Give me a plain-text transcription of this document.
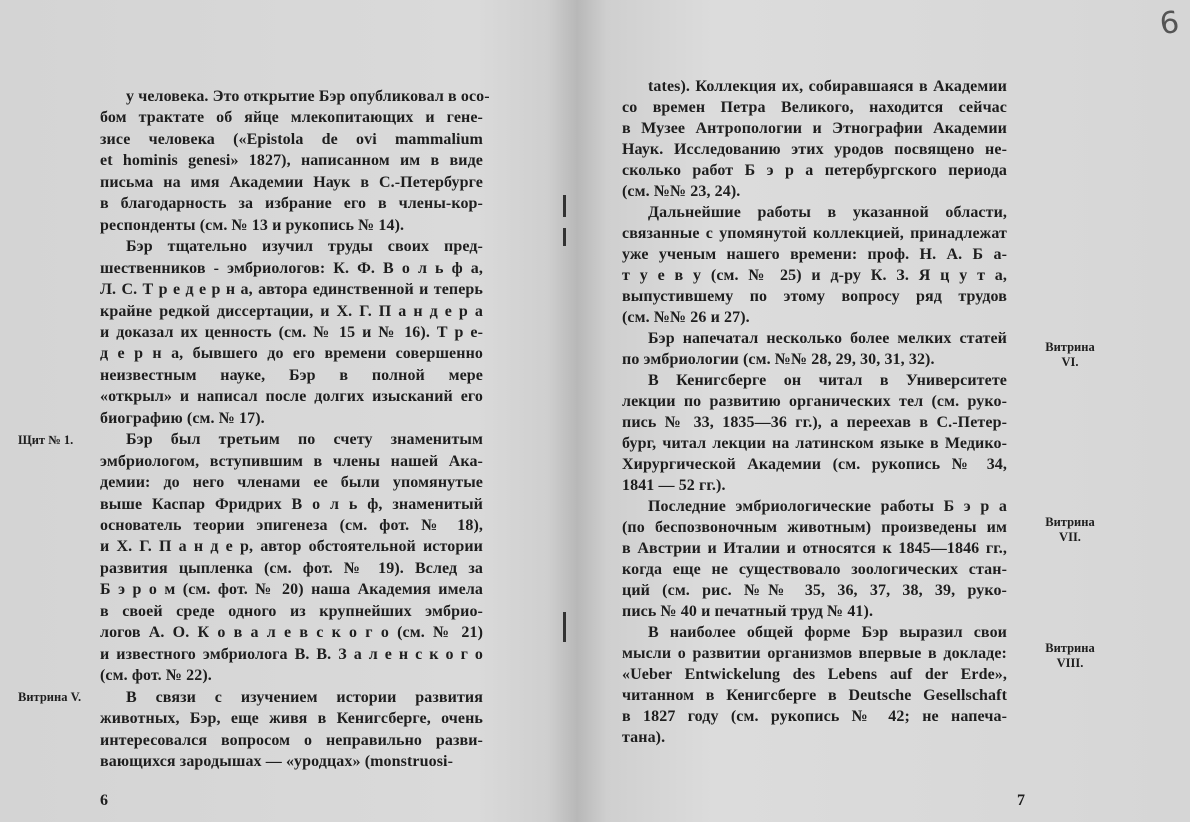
6
у человека. Это открытие Бэр опубликовал в осо-
бом трактате об яйце млекопитающих и гене-
зисе человека («Epistola de ovi mammalium
et hominis genesi» 1827), написанном им в виде
письма на имя Академии Наук в С.-Петербурге
в благодарность за избрание его в члены-кор-
респонденты (см. № 13 и рукопись № 14).
Бэр тщательно изучил труды своих пред-
шественников - эмбриологов: К. Ф. В о л ь ф а,
Л. С. Т р е д е р н а, автора единственной и теперь
крайне редкой диссертации, и Х. Г. П а н д е р а
и доказал их ценность (см. № 15 и № 16). Т р е-
д е р н а, бывшего до его времени совершенно
неизвестным науке, Бэр в полной мере
«открыл» и написал после долгих изысканий его
биографию (см. № 17).
Бэр был третьим по счету знаменитым
эмбриологом, вступившим в члены нашей Ака-
демии: до него членами ее были упомянутые
выше Каспар Фридрих В о л ь ф, знаменитый
основатель теории эпигенеза (см. фот. № 18),
и Х. Г. П а н д е р, автор обстоятельной истории
развития цыпленка (см. фот. № 19). Вслед за
Б э р о м (см. фот. № 20) наша Академия имела
в своей среде одного из крупнейших эмбрио-
логов А. О. К о в а л е в с к о г о (см. № 21)
и известного эмбриолога В. В. З а л е н с к о г о
(см. фот. № 22).
В связи с изучением истории развития
животных, Бэр, еще живя в Кенигсберге, очень
интересовался вопросом о неправильно разви-
вающихся зародышах — «уродцах» (monstruosi-
Щит № 1.
Витрина V.
6
tates). Коллекция их, собиравшаяся в Академии
со времен Петра Великого, находится сейчас
в Музее Антропологии и Этнографии Академии
Наук. Исследованию этих уродов посвящено не-
сколько работ Б э р а петербургского периода
(см. №№ 23, 24).
Дальнейшие работы в указанной области,
связанные с упомянутой коллекцией, принадлежат
уже ученым нашего времени: проф. Н. А. Б а-
т у е в у (см. № 25) и д-ру К. З. Я ц у т а,
выпустившему по этому вопросу ряд трудов
(см. №№ 26 и 27).
Бэр напечатал несколько более мелких статей
по эмбриологии (см. №№ 28, 29, 30, 31, 32).
В Кенигсберге он читал в Университете
лекции по развитию органических тел (см. руко-
пись № 33, 1835—36 гг.), а переехав в С.-Петер-
бург, читал лекции на латинском языке в Медико-
Хирургической Академии (см. рукопись № 34,
1841 — 52 гг.).
Последние эмбриологические работы Б э р а
(по беспозвоночным животным) произведены им
в Австрии и Италии и относятся к 1845—1846 гг.,
когда еще не существовало зоологических стан-
ций (см. рис. №№ 35, 36, 37, 38, 39, руко-
пись № 40 и печатный труд № 41).
В наиболее общей форме Бэр выразил свои
мысли о развитии организмов впервые в докладе:
«Ueber Entwickelung des Lebens auf der Erde»,
читанном в Кенигсберге в Deutsche Gesellschaft
в 1827 году (см. рукопись № 42; не напеча-
тана).
Витрина VI.
Витрина VII.
Витрина VIII.
7
